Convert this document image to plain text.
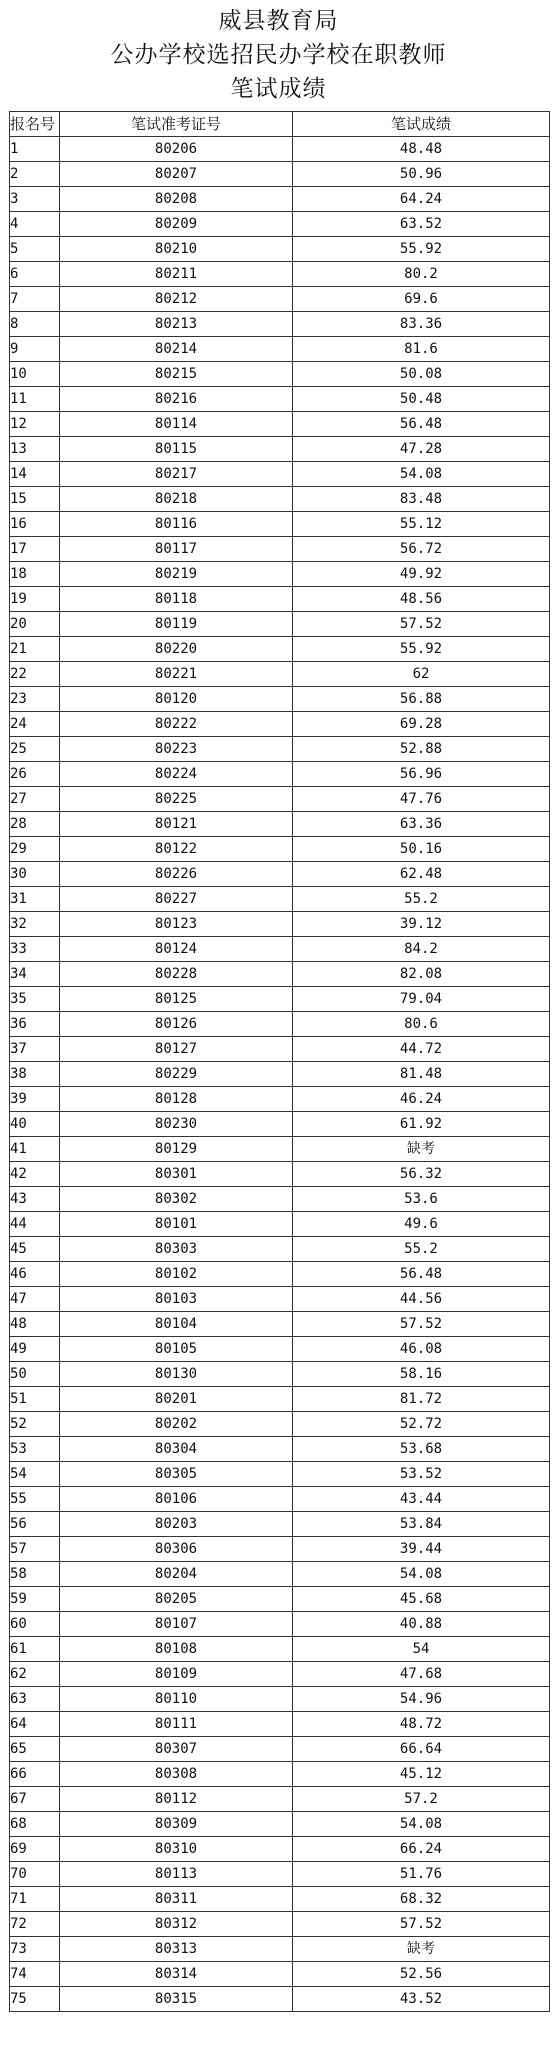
威县教育局
公办学校选招民办学校在职教师
笔试成绩
报名号	笔试准考证号	笔试成绩
1	80206	48.48
2	80207	50.96
3	80208	64.24
4	80209	63.52
5	80210	55.92
6	80211	80.2
7	80212	69.6
8	80213	83.36
9	80214	81.6
10	80215	50.08
11	80216	50.48
12	80114	56.48
13	80115	47.28
14	80217	54.08
15	80218	83.48
16	80116	55.12
17	80117	56.72
18	80219	49.92
19	80118	48.56
20	80119	57.52
21	80220	55.92
22	80221	62
23	80120	56.88
24	80222	69.28
25	80223	52.88
26	80224	56.96
27	80225	47.76
28	80121	63.36
29	80122	50.16
30	80226	62.48
31	80227	55.2
32	80123	39.12
33	80124	84.2
34	80228	82.08
35	80125	79.04
36	80126	80.6
37	80127	44.72
38	80229	81.48
39	80128	46.24
40	80230	61.92
41	80129	缺考
42	80301	56.32
43	80302	53.6
44	80101	49.6
45	80303	55.2
46	80102	56.48
47	80103	44.56
48	80104	57.52
49	80105	46.08
50	80130	58.16
51	80201	81.72
52	80202	52.72
53	80304	53.68
54	80305	53.52
55	80106	43.44
56	80203	53.84
57	80306	39.44
58	80204	54.08
59	80205	45.68
60	80107	40.88
61	80108	54
62	80109	47.68
63	80110	54.96
64	80111	48.72
65	80307	66.64
66	80308	45.12
67	80112	57.2
68	80309	54.08
69	80310	66.24
70	80113	51.76
71	80311	68.32
72	80312	57.52
73	80313	缺考
74	80314	52.56
75	80315	43.52
